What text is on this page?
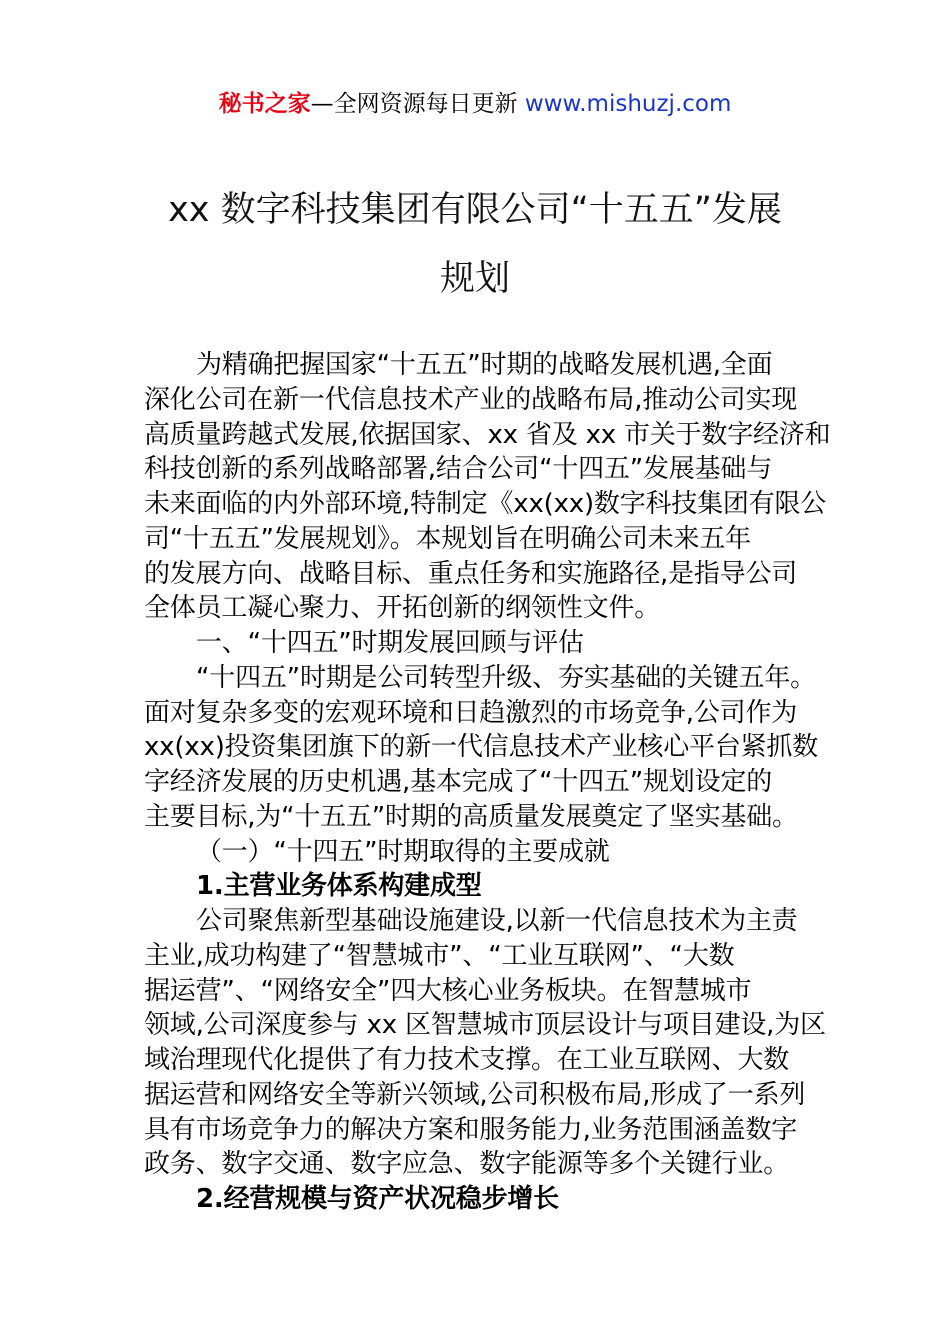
秘书之家—全网资源每日更新 www.mishuzj.com
xx 数字科技集团有限公司“十五五”发展
规划
为精确把握国家“十五五”时期的战略发展机遇,全面
深化公司在新一代信息技术产业的战略布局,推动公司实现
高质量跨越式发展,依据国家、xx 省及 xx 市关于数字经济和
科技创新的系列战略部署,结合公司“十四五”发展基础与
未来面临的内外部环境,特制定《xx(xx)数字科技集团有限公
司“十五五”发展规划》。本规划旨在明确公司未来五年
的发展方向、战略目标、重点任务和实施路径,是指导公司
全体员工凝心聚力、开拓创新的纲领性文件。
一、“十四五”时期发展回顾与评估
“十四五”时期是公司转型升级、夯实基础的关键五年。
面对复杂多变的宏观环境和日趋激烈的市场竞争,公司作为
xx(xx)投资集团旗下的新一代信息技术产业核心平台紧抓数
字经济发展的历史机遇,基本完成了“十四五”规划设定的
主要目标,为“十五五”时期的高质量发展奠定了坚实基础。
（一）“十四五”时期取得的主要成就
1.主营业务体系构建成型
公司聚焦新型基础设施建设,以新一代信息技术为主责
主业,成功构建了“智慧城市”、“工业互联网”、“大数
据运营”、“网络安全”四大核心业务板块。在智慧城市
领域,公司深度参与 xx 区智慧城市顶层设计与项目建设,为区
域治理现代化提供了有力技术支撑。在工业互联网、大数
据运营和网络安全等新兴领域,公司积极布局,形成了一系列
具有市场竞争力的解决方案和服务能力,业务范围涵盖数字
政务、数字交通、数字应急、数字能源等多个关键行业。
2.经营规模与资产状况稳步增长
